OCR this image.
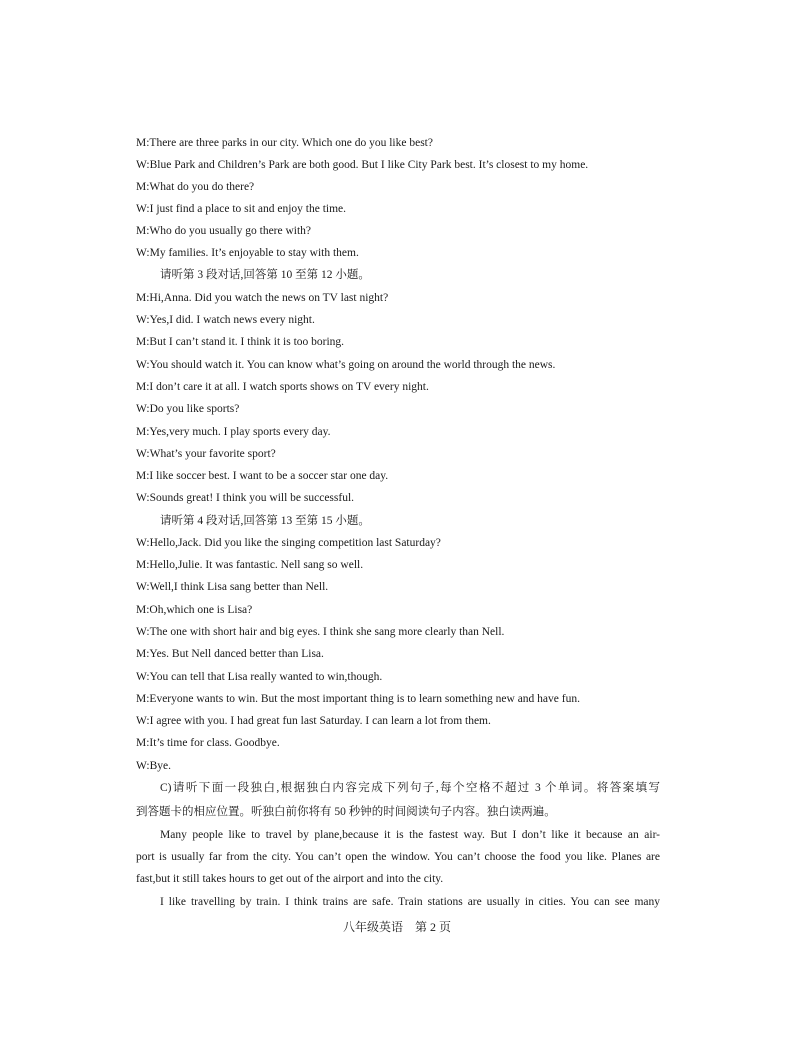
M:There are three parks in our city. Which one do you like best?
W:Blue Park and Children’s Park are both good. But I like City Park best. It’s closest to my home.
M:What do you do there?
W:I just find a place to sit and enjoy the time.
M:Who do you usually go there with?
W:My families. It’s enjoyable to stay with them.
请听第 3 段对话,回答第 10 至第 12 小题。
M:Hi,Anna. Did you watch the news on TV last night?
W:Yes,I did. I watch news every night.
M:But I can’t stand it. I think it is too boring.
W:You should watch it. You can know what’s going on around the world through the news.
M:I don’t care it at all. I watch sports shows on TV every night.
W:Do you like sports?
M:Yes,very much. I play sports every day.
W:What’s your favorite sport?
M:I like soccer best. I want to be a soccer star one day.
W:Sounds great! I think you will be successful.
请听第 4 段对话,回答第 13 至第 15 小题。
W:Hello,Jack. Did you like the singing competition last Saturday?
M:Hello,Julie. It was fantastic. Nell sang so well.
W:Well,I think Lisa sang better than Nell.
M:Oh,which one is Lisa?
W:The one with short hair and big eyes. I think she sang more clearly than Nell.
M:Yes. But Nell danced better than Lisa.
W:You can tell that Lisa really wanted to win,though.
M:Everyone wants to win. But the most important thing is to learn something new and have fun.
W:I agree with you. I had great fun last Saturday. I can learn a lot from them.
M:It’s time for class. Goodbye.
W:Bye.
C)请听下面一段独白,根据独白内容完成下列句子,每个空格不超过 3 个单词。将答案填写
到答题卡的相应位置。听独白前你将有 50 秒钟的时间阅读句子内容。独白读两遍。
Many people like to travel by plane,because it is the fastest way. But I don’t like it because an air-
port is usually far from the city. You can’t open the window. You can’t choose the food you like. Planes are
fast,but it still takes hours to get out of the airport and into the city.
I like travelling by train. I think trains are safe. Train stations are usually in cities. You can see many
八年级英语　第 2 页
